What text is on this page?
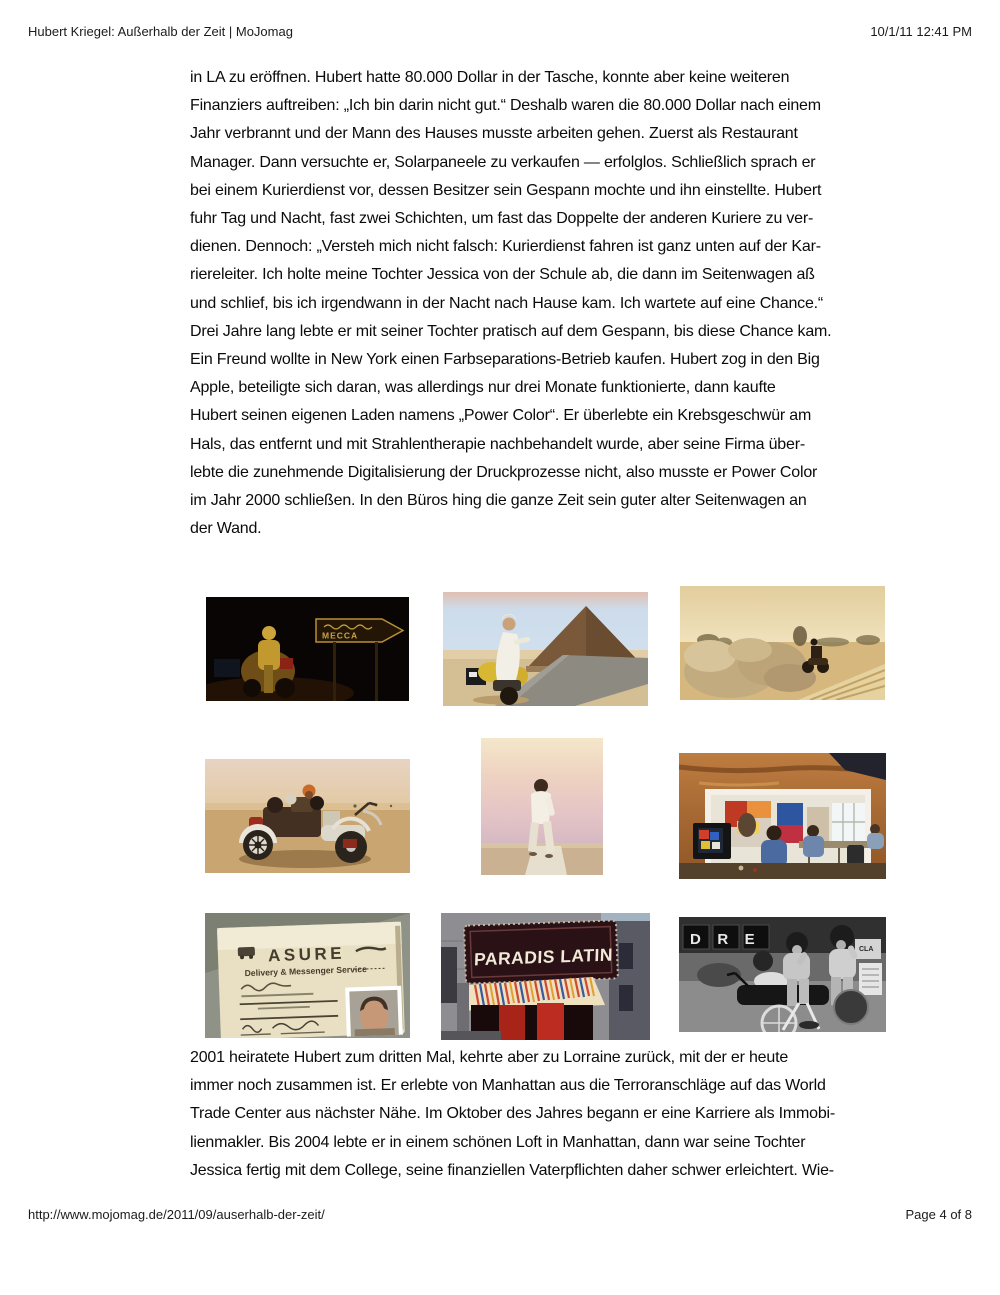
Hubert Kriegel: Außerhalb der Zeit | MoJomag	10/1/11 12:41 PM

in LA zu eröffnen. Hubert hatte 80.000 Dollar in der Tasche, konnte aber keine weiteren
Finanziers auftreiben: „Ich bin darin nicht gut.“ Deshalb waren die 80.000 Dollar nach einem
Jahr verbrannt und der Mann des Hauses musste arbeiten gehen. Zuerst als Restaurant
Manager. Dann versuchte er, Solarpaneele zu verkaufen — erfolglos. Schließlich sprach er
bei einem Kurierdienst vor, dessen Besitzer sein Gespann mochte und ihn einstellte. Hubert
fuhr Tag und Nacht, fast zwei Schichten, um fast das Doppelte der anderen Kuriere zu ver-
dienen. Dennoch: „Versteh mich nicht falsch: Kurierdienst fahren ist ganz unten auf der Kar-
riereleiter. Ich holte meine Tochter Jessica von der Schule ab, die dann im Seitenwagen aß
und schlief, bis ich irgendwann in der Nacht nach Hause kam. Ich wartete auf eine Chance.“
Drei Jahre lang lebte er mit seiner Tochter pratisch auf dem Gespann, bis diese Chance kam.
Ein Freund wollte in New York einen Farbseparations-Betrieb kaufen. Hubert zog in den Big
Apple, beteiligte sich daran, was allerdings nur drei Monate funktionierte, dann kaufte
Hubert seinen eigenen Laden namens „Power Color“. Er überlebte ein Krebsgeschwür am
Hals, das entfernt und mit Strahlentherapie nachbehandelt wurde, aber seine Firma über-
lebte die zunehmende Digitalisierung der Druckprozesse nicht, also musste er Power Color
im Jahr 2000 schließen. In den Büros hing die ganze Zeit sein guter alter Seitenwagen an
der Wand.

MECCA
ASURE
Delivery & Messenger Service
PARADIS LATIN
DRE
CLA

2001 heiratete Hubert zum dritten Mal, kehrte aber zu Lorraine zurück, mit der er heute
immer noch zusammen ist. Er erlebte von Manhattan aus die Terroranschläge auf das World
Trade Center aus nächster Nähe. Im Oktober des Jahres begann er eine Karriere als Immobi-
lienmakler. Bis 2004 lebte er in einem schönen Loft in Manhattan, dann war seine Tochter
Jessica fertig mit dem College, seine finanziellen Vaterpflichten daher schwer erleichtert. Wie-

http://www.mojomag.de/2011/09/auserhalb-der-zeit/	Page 4 of 8
